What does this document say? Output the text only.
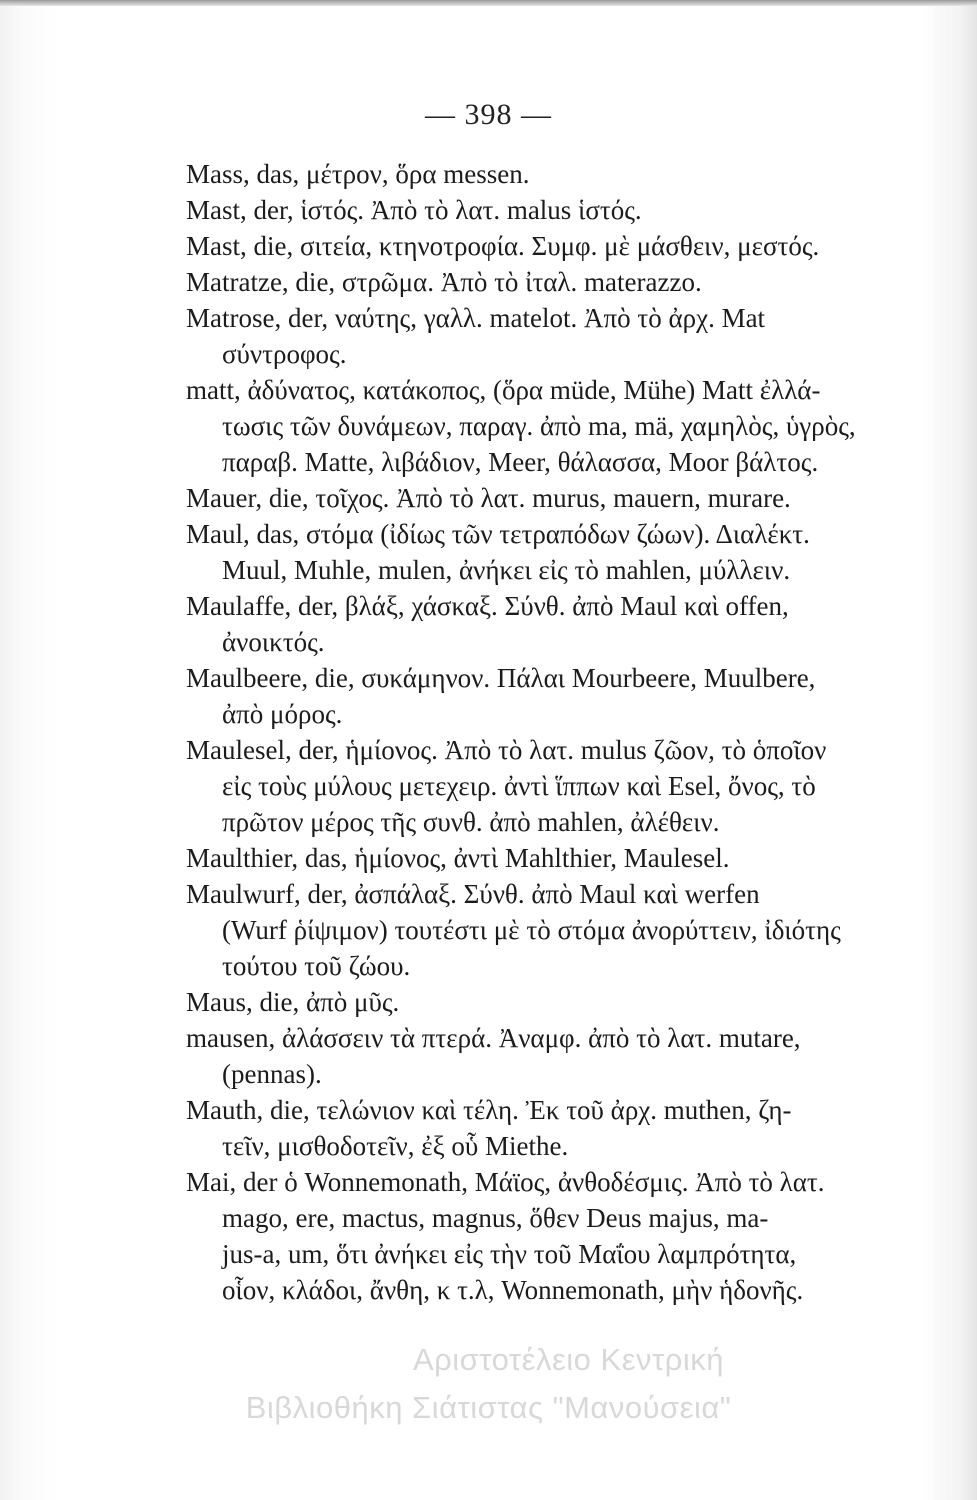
— 398 —
Mass, das, μέτρον, ὅρα messen.
Mast, der, ἱστός. Ἀπὸ τὸ λατ. malus ἱστός.
Mast, die, σιτεία, κτηνοτροφία. Συμφ. μὲ μάσθειν, μεστός.
Matratze, die, στρῶμα. Ἀπὸ τὸ ἰταλ. materazzo.
Matrose, der, ναύτης, γαλλ. matelot. Ἀπὸ τὸ ἀρχ. Mat
σύντροφος.
matt, ἀδύνατος, κατάκοπος, (ὅρα müde, Mühe) Matt ἐλλά-
τωσις τῶν δυνάμεων, παραγ. ἀπὸ ma, mä, χαμηλὸς, ὑγρὸς,
παραβ. Matte, λιβάδιον, Meer, θάλασσα, Moor βάλτος.
Mauer, die, τοῖχος. Ἀπὸ τὸ λατ. murus, mauern, murare.
Maul, das, στόμα (ἰδίως τῶν τετραπόδων ζώων). Διαλέκτ.
Muul, Muhle, mulen, ἀνήκει εἰς τὸ mahlen, μύλλειν.
Maulaffe, der, βλάξ, χάσκαξ. Σύνθ. ἀπὸ Maul καὶ offen,
ἀνοικτός.
Maulbeere, die, συκάμηνον. Πάλαι Mourbeere, Muulbere,
ἀπὸ μόρος.
Maulesel, der, ἡμίονος. Ἀπὸ τὸ λατ. mulus ζῶον, τὸ ὁποῖον
εἰς τοὺς μύλους μετεχειρ. ἀντὶ ἵππων καὶ Esel, ὄνος, τὸ
πρῶτον μέρος τῆς συνθ. ἀπὸ mahlen, ἀλέθειν.
Maulthier, das, ἡμίονος, ἀντὶ Mahlthier, Maulesel.
Maulwurf, der, ἀσπάλαξ. Σύνθ. ἀπὸ Maul καὶ werfen
(Wurf ῥίψιμον) τουτέστι μὲ τὸ στόμα ἀνορύττειν, ἰδιότης
τούτου τοῦ ζώου.
Maus, die, ἀπὸ μῦς.
mausen, ἀλάσσειν τὰ πτερά. Ἀναμφ. ἀπὸ τὸ λατ. mutare,
(pennas).
Mauth, die, τελώνιον καὶ τέλη. Ἐκ τοῦ ἀρχ. muthen, ζη-
τεῖν, μισθοδοτεῖν, ἐξ οὗ Miethe.
Mai, der ὁ Wonnemonath, Μάϊος, ἀνθοδέσμις. Ἀπὸ τὸ λατ.
mago, ere, mactus, magnus, ὅθεν Deus majus, ma-
jus-a, um, ὅτι ἀνήκει εἰς τὴν τοῦ Μαΐου λαμπρότητα,
οἷον, κλάδοι, ἄνθη, κ τ.λ, Wonnemonath, μὴν ἡδονῆς.
Αριστοτέλειο Κεντρική
Βιβλιοθήκη Σιάτιστας "Μανούσεια"
